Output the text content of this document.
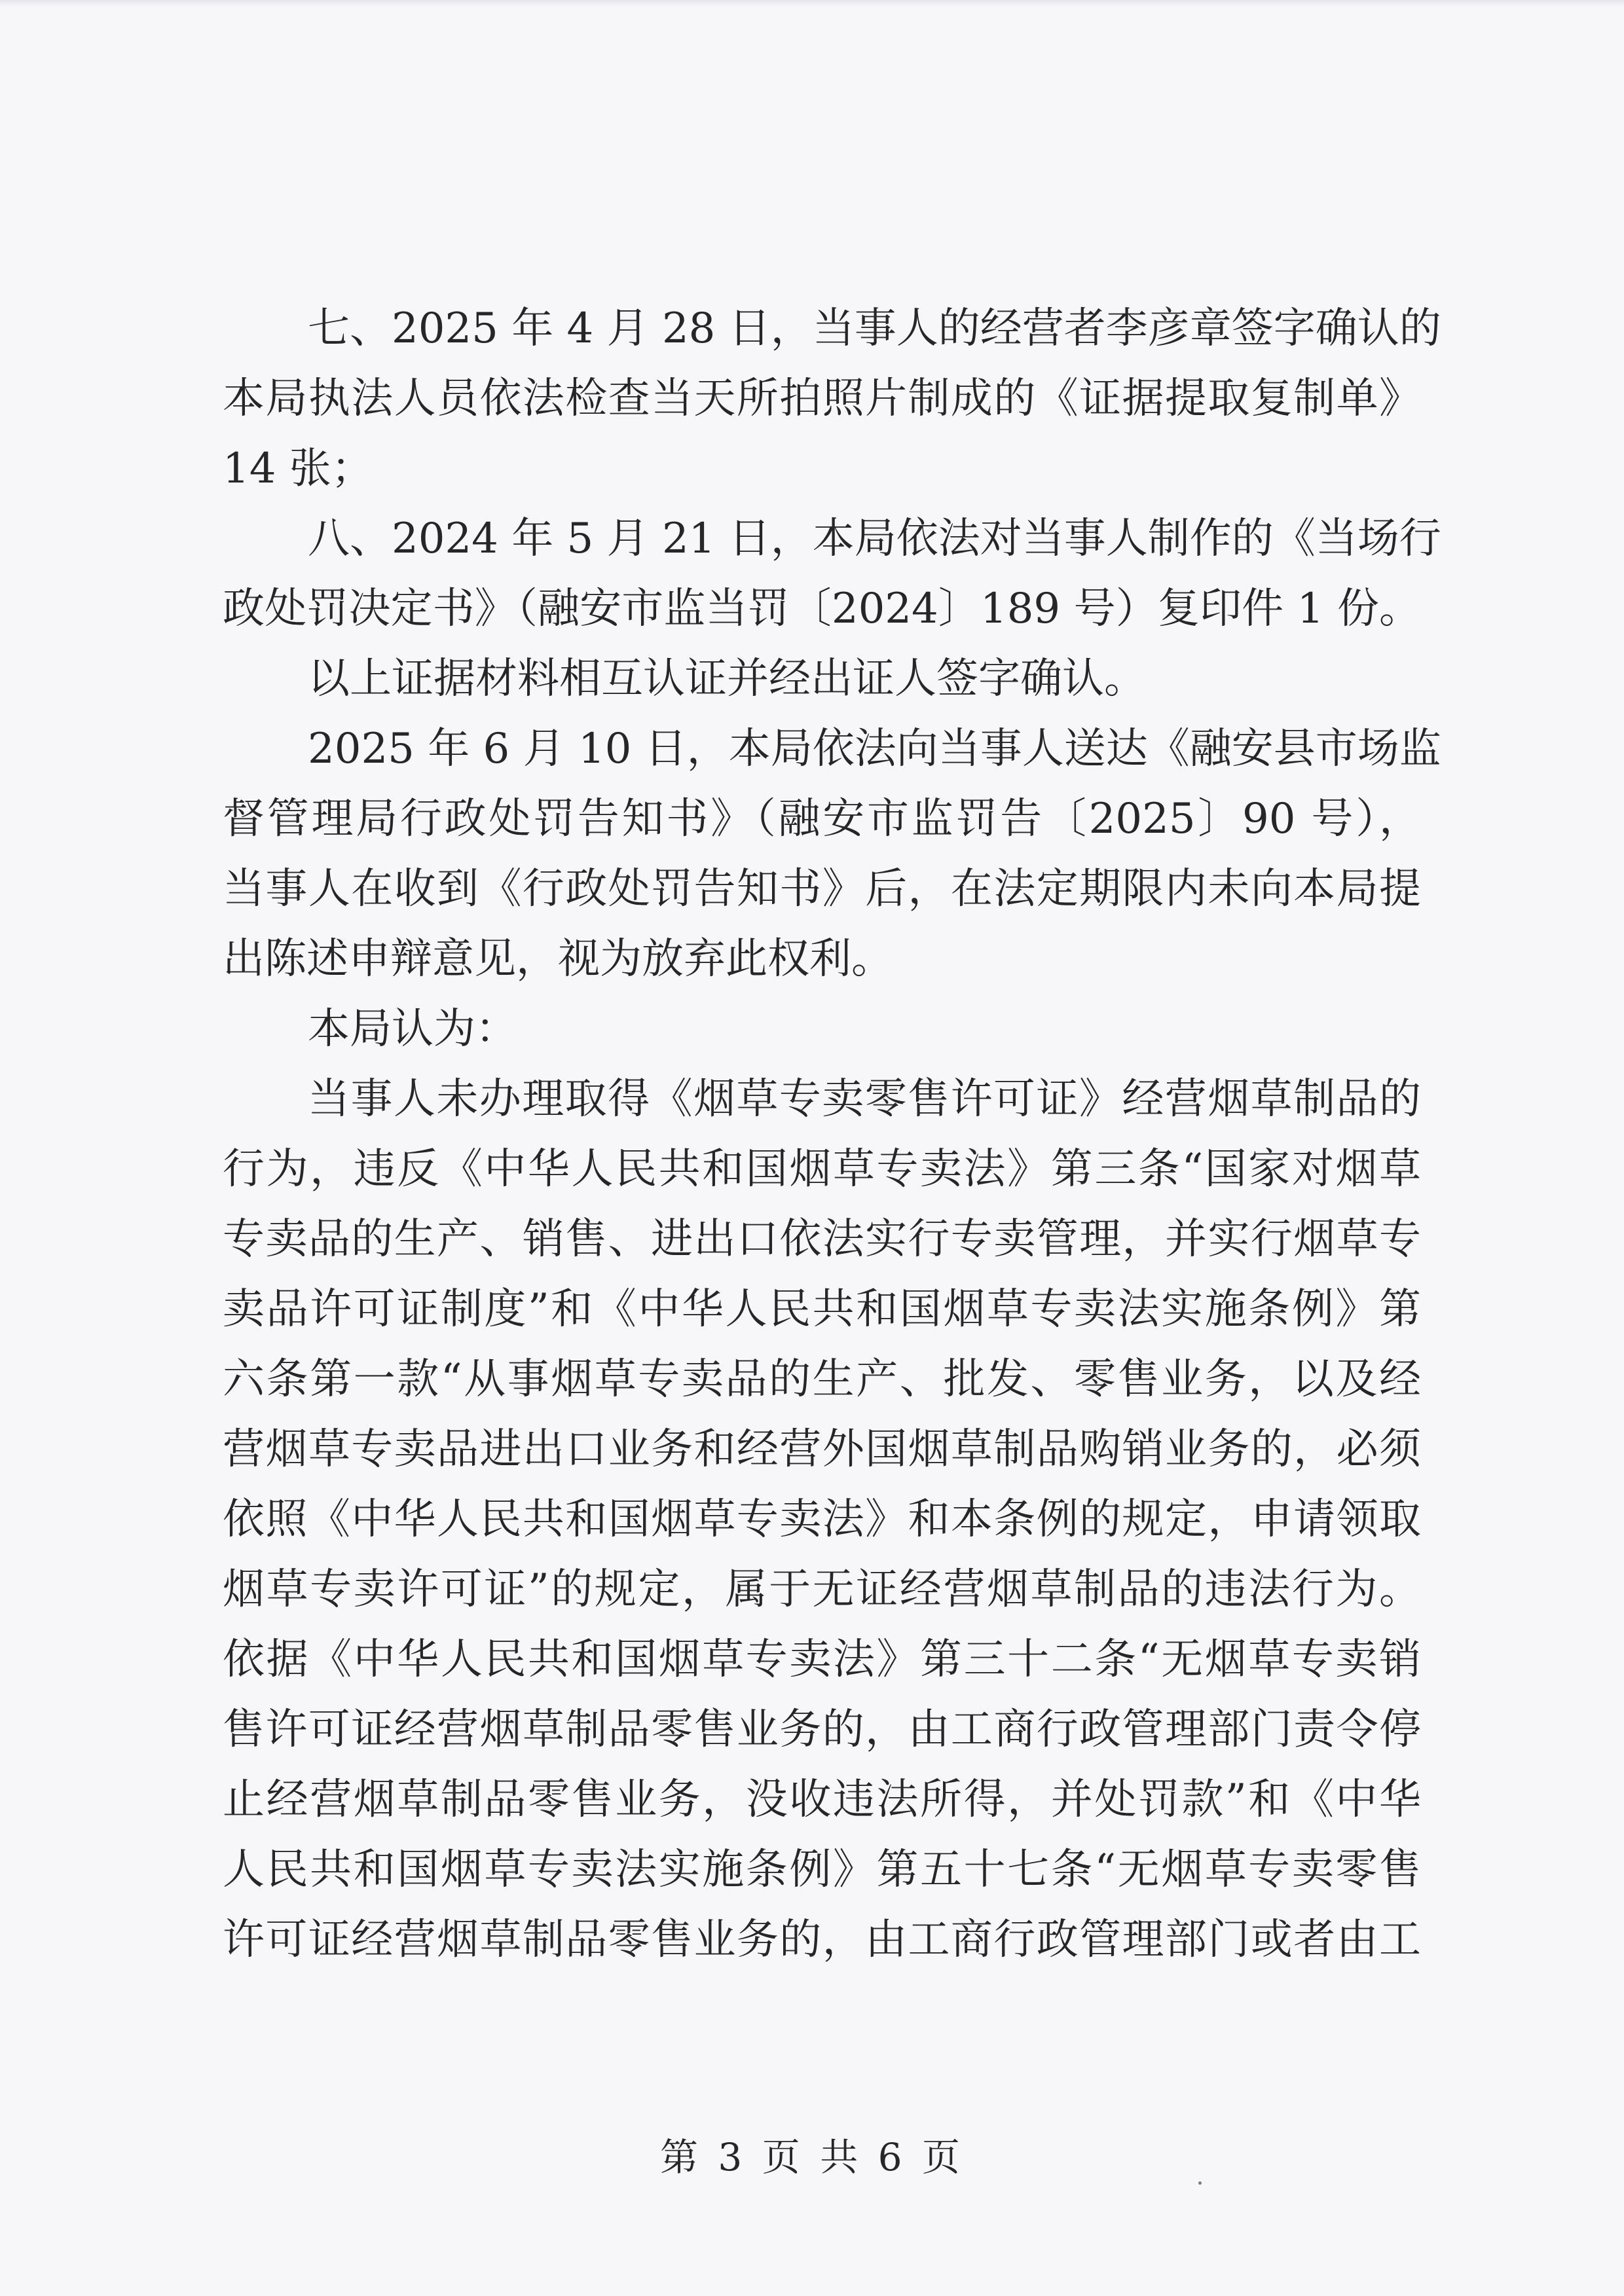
七、2025 年 4 月 28 日，当事人的经营者李彦章签字确认的
本局执法人员依法检查当天所拍照片制成的《证据提取复制单》
14 张；
八、2024 年 5 月 21 日，本局依法对当事人制作的《当场行
政处罚决定书》（融安市监当罚〔2024〕189 号）复印件 1 份。
以上证据材料相互认证并经出证人签字确认。
2025 年 6 月 10 日，本局依法向当事人送达《融安县市场监
督管理局行政处罚告知书》（融安市监罚告〔2025〕90 号），
当事人在收到《行政处罚告知书》后，在法定期限内未向本局提
出陈述申辩意见，视为放弃此权利。
本局认为：
当事人未办理取得《烟草专卖零售许可证》经营烟草制品的
行为，违反《中华人民共和国烟草专卖法》第三条“国家对烟草
专卖品的生产、销售、进出口依法实行专卖管理，并实行烟草专
卖品许可证制度”和《中华人民共和国烟草专卖法实施条例》第
六条第一款“从事烟草专卖品的生产、批发、零售业务，以及经
营烟草专卖品进出口业务和经营外国烟草制品购销业务的，必须
依照《中华人民共和国烟草专卖法》和本条例的规定，申请领取
烟草专卖许可证”的规定，属于无证经营烟草制品的违法行为。
依据《中华人民共和国烟草专卖法》第三十二条“无烟草专卖销
售许可证经营烟草制品零售业务的，由工商行政管理部门责令停
止经营烟草制品零售业务，没收违法所得，并处罚款”和《中华
人民共和国烟草专卖法实施条例》第五十七条“无烟草专卖零售
许可证经营烟草制品零售业务的，由工商行政管理部门或者由工
第 3 页 共 6 页
